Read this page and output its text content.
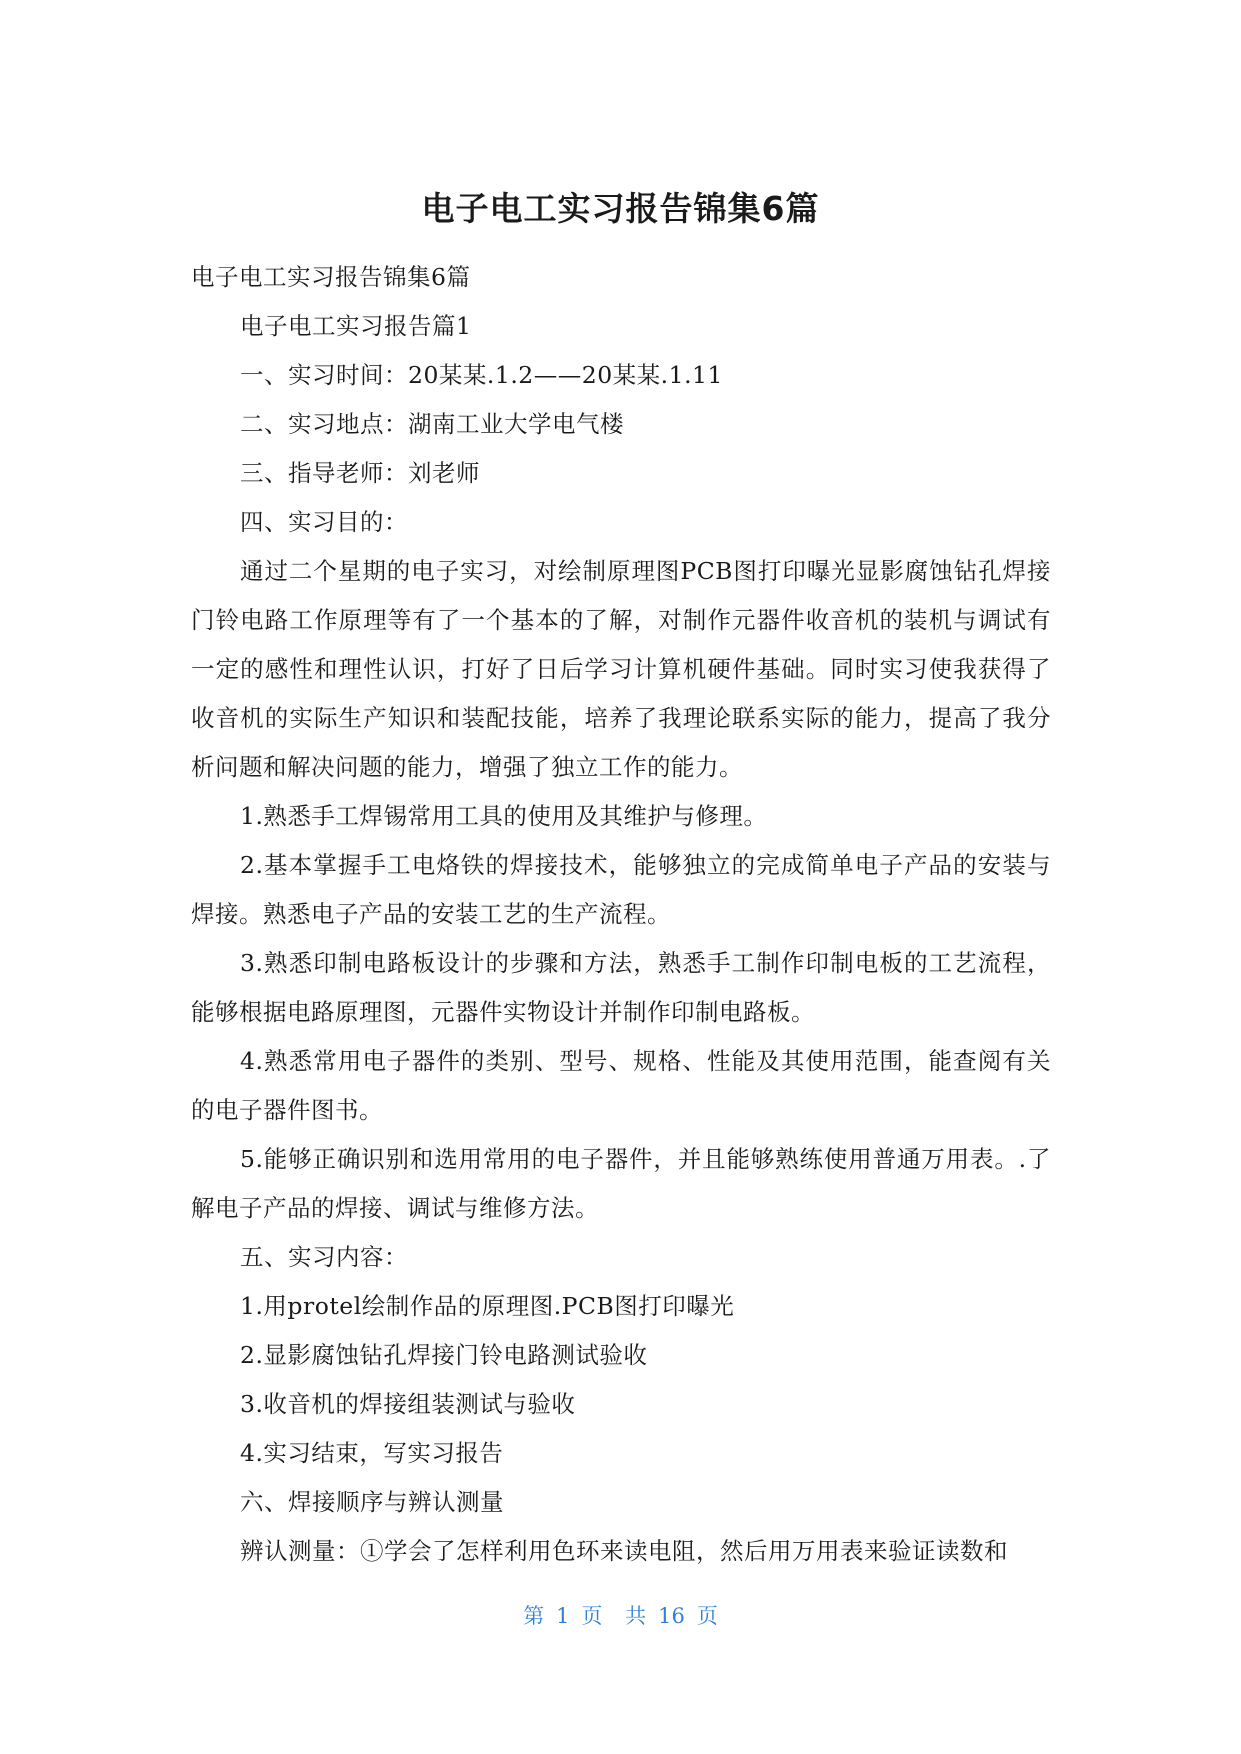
电子电工实习报告锦集6篇

电子电工实习报告锦集6篇

电子电工实习报告篇1

一、实习时间：20某某.1.2——20某某.1.11

二、实习地点：湖南工业大学电气楼

三、指导老师：刘老师

四、实习目的：

通过二个星期的电子实习，对绘制原理图PCB图打印曝光显影腐蚀钻孔焊接门铃电路工作原理等有了一个基本的了解，对制作元器件收音机的装机与调试有一定的感性和理性认识，打好了日后学习计算机硬件基础。同时实习使我获得了收音机的实际生产知识和装配技能，培养了我理论联系实际的能力，提高了我分析问题和解决问题的能力，增强了独立工作的能力。

1.熟悉手工焊锡常用工具的使用及其维护与修理。

2.基本掌握手工电烙铁的焊接技术，能够独立的完成简单电子产品的安装与焊接。熟悉电子产品的安装工艺的生产流程。

3.熟悉印制电路板设计的步骤和方法，熟悉手工制作印制电板的工艺流程，能够根据电路原理图，元器件实物设计并制作印制电路板。

4.熟悉常用电子器件的类别、型号、规格、性能及其使用范围，能查阅有关的电子器件图书。

5.能够正确识别和选用常用的电子器件，并且能够熟练使用普通万用表。.了解电子产品的焊接、调试与维修方法。

五、实习内容：

1.用protel绘制作品的原理图.PCB图打印曝光

2.显影腐蚀钻孔焊接门铃电路测试验收

3.收音机的焊接组装测试与验收

4.实习结束，写实习报告

六、焊接顺序与辨认测量

辨认测量：①学会了怎样利用色环来读电阻，然后用万用表来验证读数和

第 1 页 共 16 页
